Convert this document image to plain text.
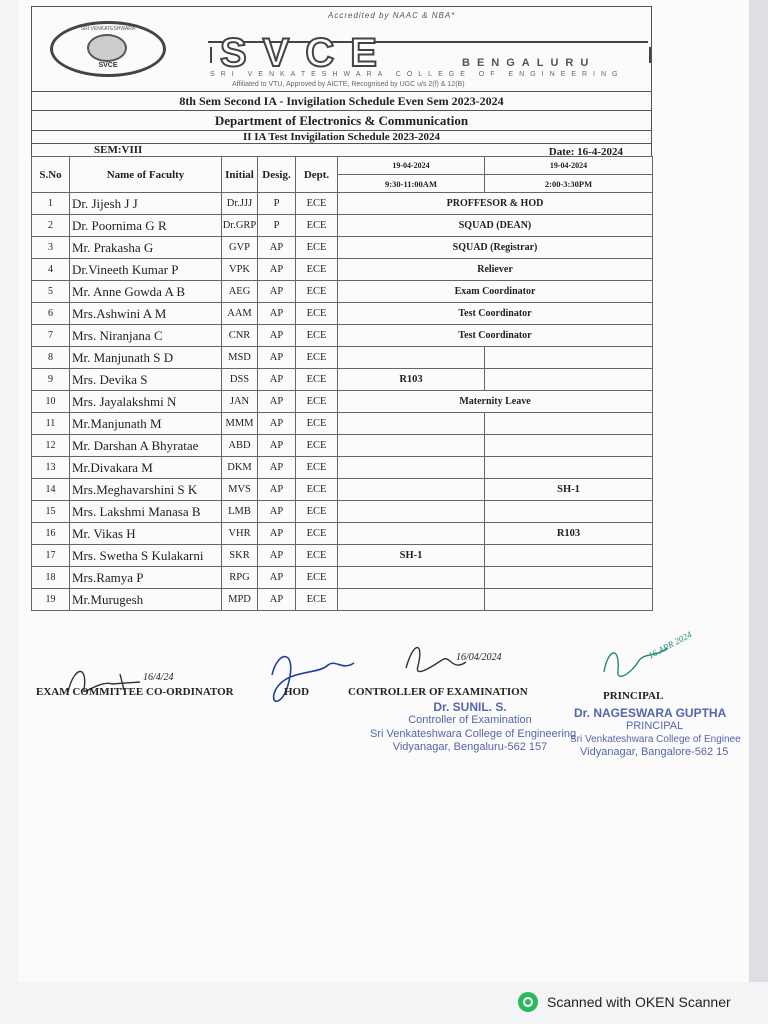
SRI VENKATESHWARA
SVCE
Accredited by NAAC & NBA*
SVCE	BENGALURU
SRI VENKATESHWARA COLLEGE OF ENGINEERING
Affiliated to VTU, Approved by AICTE, Recognised by UGC u/s 2(f) & 12(B)
8th Sem Second IA - Invigilation Schedule Even Sem 2023-2024
Department of Electronics & Communication
II IA Test Invigilation Schedule 2023-2024
SEM:VIII	Date: 16-4-2024
S.No	Name of Faculty	Initial	Desig.	Dept.	19-04-2024	19-04-2024
					9:30-11:00AM	2:00-3:30PM
1	Dr. Jijesh J J	Dr.JJJ	P	ECE	PROFFESOR & HOD	
2	Dr. Poornima G R	Dr.GRP	P	ECE	SQUAD (DEAN)	
3	Mr. Prakasha G	GVP	AP	ECE	SQUAD (Registrar)	
4	Dr.Vineeth Kumar P	VPK	AP	ECE	Reliever	
5	Mr. Anne Gowda A B	AEG	AP	ECE	Exam Coordinator	
6	Mrs.Ashwini A M	AAM	AP	ECE	Test Coordinator	
7	Mrs. Niranjana C	CNR	AP	ECE	Test Coordinator	
8	Mr. Manjunath S D	MSD	AP	ECE		
9	Mrs. Devika S	DSS	AP	ECE	R103	
10	Mrs. Jayalakshmi N	JAN	AP	ECE	Maternity Leave	
11	Mr.Manjunath M	MMM	AP	ECE		
12	Mr. Darshan A Bhyratae	ABD	AP	ECE		
13	Mr.Divakara M	DKM	AP	ECE		
14	Mrs.Meghavarshini S K	MVS	AP	ECE		SH-1
15	Mrs. Lakshmi Manasa B	LMB	AP	ECE		
16	Mr. Vikas H	VHR	AP	ECE		R103
17	Mrs. Swetha S Kulakarni	SKR	AP	ECE	SH-1	
18	Mrs.Ramya P	RPG	AP	ECE		
19	Mr.Murugesh	MPD	AP	ECE		
16/4/24
EXAM COMMITTEE CO-ORDINATOR	HOD
16/04/2024
CONTROLLER OF EXAMINATION
Dr. SUNIL. S.
Controller of Examination
Sri Venkateshwara College of Engineering
Vidyanagar, Bengaluru-562 157
16 APR 2024
PRINCIPAL
Dr. NAGESWARA GUPTHA
PRINCIPAL
Sri Venkateshwara College of Enginee
Vidyanagar, Bangalore-562 15
Scanned with OKEN Scanner
